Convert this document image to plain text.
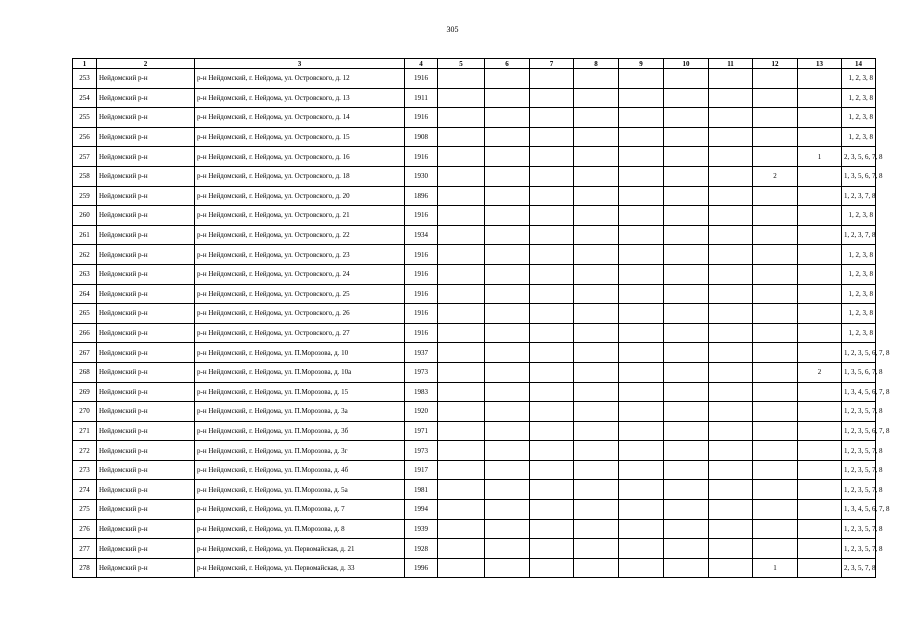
305
1	2	3	4	5	6	7	8	9	10	11	12	13	14
253	Нейдомский р-н	р-н Нейдомский, г. Нейдома, ул. Островского, д. 12	1916										1, 2, 3, 8
254	Нейдомский р-н	р-н Нейдомский, г. Нейдома, ул. Островского, д. 13	1911										1, 2, 3, 8
255	Нейдомский р-н	р-н Нейдомский, г. Нейдома, ул. Островского, д. 14	1916										1, 2, 3, 8
256	Нейдомский р-н	р-н Нейдомский, г. Нейдома, ул. Островского, д. 15	1908										1, 2, 3, 8
257	Нейдомский р-н	р-н Нейдомский, г. Нейдома, ул. Островского, д. 16	1916									1	2, 3, 5, 6, 7, 8
258	Нейдомский р-н	р-н Нейдомский, г. Нейдома, ул. Островского, д. 18	1930								2		1, 3, 5, 6, 7, 8
259	Нейдомский р-н	р-н Нейдомский, г. Нейдома, ул. Островского, д. 20	1896										1, 2, 3, 7, 8
260	Нейдомский р-н	р-н Нейдомский, г. Нейдома, ул. Островского, д. 21	1916										1, 2, 3, 8
261	Нейдомский р-н	р-н Нейдомский, г. Нейдома, ул. Островского, д. 22	1934										1, 2, 3, 7, 8
262	Нейдомский р-н	р-н Нейдомский, г. Нейдома, ул. Островского, д. 23	1916										1, 2, 3, 8
263	Нейдомский р-н	р-н Нейдомский, г. Нейдома, ул. Островского, д. 24	1916										1, 2, 3, 8
264	Нейдомский р-н	р-н Нейдомский, г. Нейдома, ул. Островского, д. 25	1916										1, 2, 3, 8
265	Нейдомский р-н	р-н Нейдомский, г. Нейдома, ул. Островского, д. 26	1916										1, 2, 3, 8
266	Нейдомский р-н	р-н Нейдомский, г. Нейдома, ул. Островского, д. 27	1916										1, 2, 3, 8
267	Нейдомский р-н	р-н Нейдомский, г. Нейдома, ул. П.Морозова, д. 10	1937										1, 2, 3, 5, 6, 7, 8
268	Нейдомский р-н	р-н Нейдомский, г. Нейдома, ул. П.Морозова, д. 10а	1973									2	1, 3, 5, 6, 7, 8
269	Нейдомский р-н	р-н Нейдомский, г. Нейдома, ул. П.Морозова, д. 15	1983										1, 3, 4, 5, 6, 7, 8
270	Нейдомский р-н	р-н Нейдомский, г. Нейдома, ул. П.Морозова, д. 3а	1920										1, 2, 3, 5, 7, 8
271	Нейдомский р-н	р-н Нейдомский, г. Нейдома, ул. П.Морозова, д. 3б	1971										1, 2, 3, 5, 6, 7, 8
272	Нейдомский р-н	р-н Нейдомский, г. Нейдома, ул. П.Морозова, д. 3г	1973										1, 2, 3, 5, 7, 8
273	Нейдомский р-н	р-н Нейдомский, г. Нейдома, ул. П.Морозова, д. 4б	1917										1, 2, 3, 5, 7, 8
274	Нейдомский р-н	р-н Нейдомский, г. Нейдома, ул. П.Морозова, д. 5а	1981										1, 2, 3, 5, 7, 8
275	Нейдомский р-н	р-н Нейдомский, г. Нейдома, ул. П.Морозова, д. 7	1994										1, 3, 4, 5, 6, 7, 8
276	Нейдомский р-н	р-н Нейдомский, г. Нейдома, ул. П.Морозова, д. 8	1939										1, 2, 3, 5, 7, 8
277	Нейдомский р-н	р-н Нейдомский, г. Нейдома, ул. Первомайская, д. 21	1928										1, 2, 3, 5, 7, 8
278	Нейдомский р-н	р-н Нейдомский, г. Нейдома, ул. Первомайская, д. 33	1996								1		2, 3, 5, 7, 8
